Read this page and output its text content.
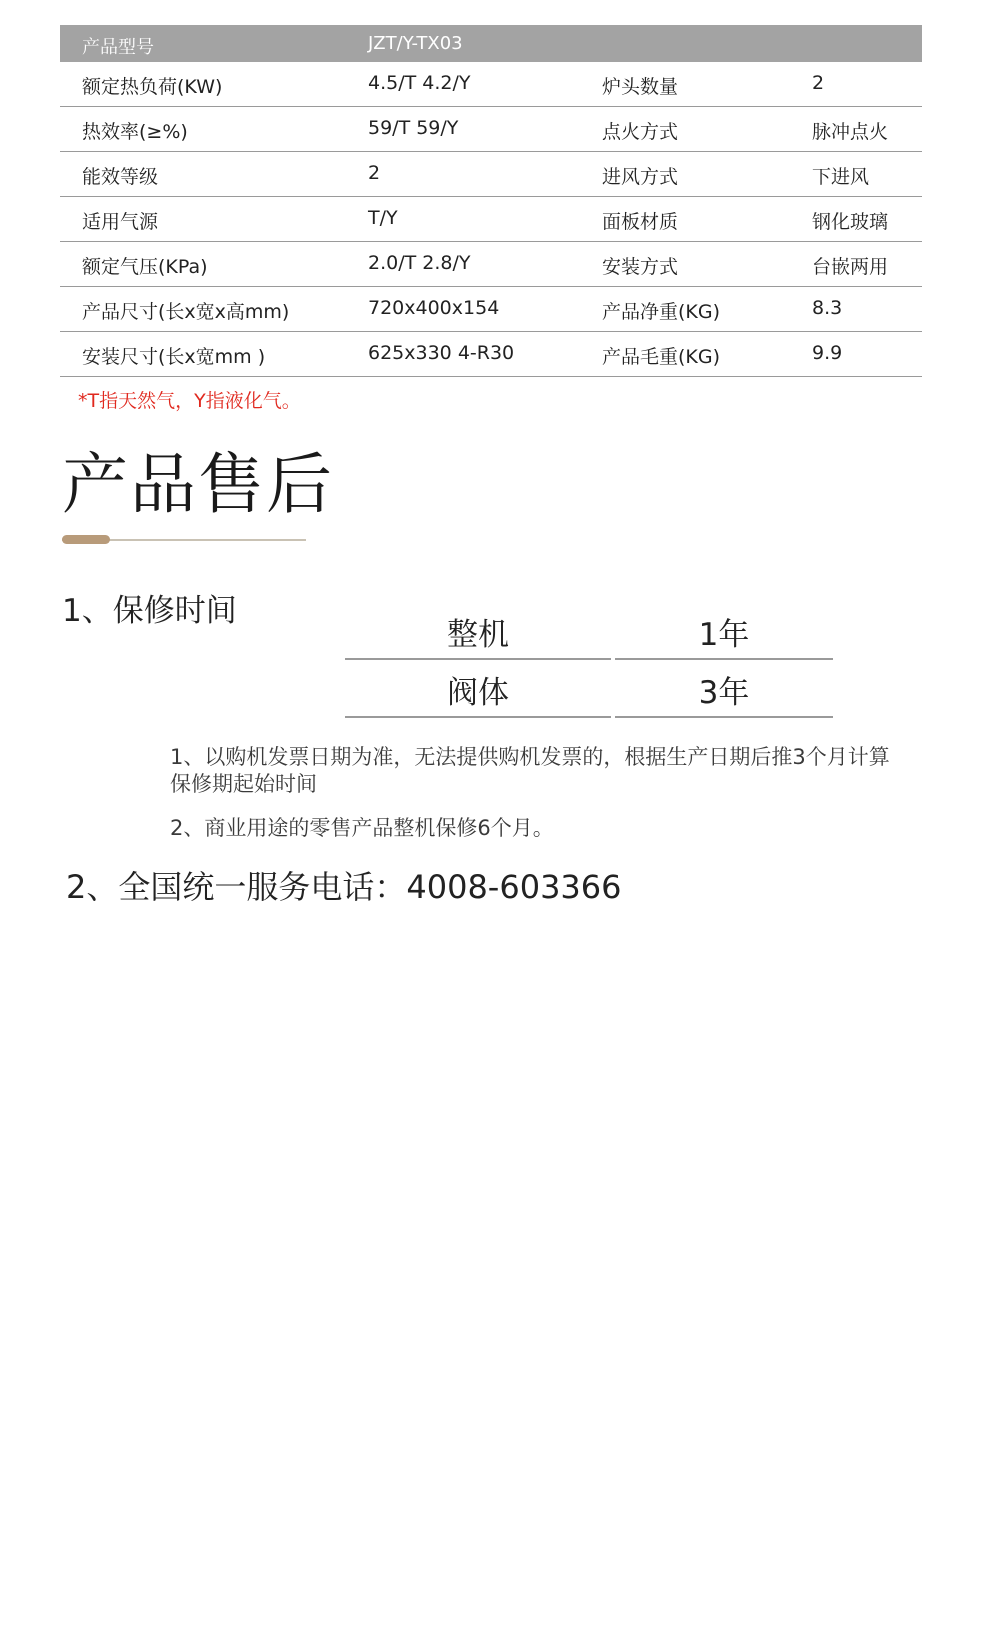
产品型号	JZT/Y-TX03
额定热负荷(KW)	4.5/T 4.2/Y	炉头数量	2
热效率(≥%)	59/T 59/Y	点火方式	脉冲点火
能效等级	2	进风方式	下进风
适用气源	T/Y	面板材质	钢化玻璃
额定气压(KPa)	2.0/T 2.8/Y	安装方式	台嵌两用
产品尺寸(长x宽x高mm)	720x400x154	产品净重(KG)	8.3
安装尺寸(长x宽mm )	625x330 4-R30	产品毛重(KG)	9.9
*T指天然气，Y指液化气。
产品售后
1、保修时间
整机	1年
阀体	3年
1、以购机发票日期为准，无法提供购机发票的，根据生产日期后推3个月计算保修期起始时间
2、商业用途的零售产品整机保修6个月。
2、全国统一服务电话：4008-603366
